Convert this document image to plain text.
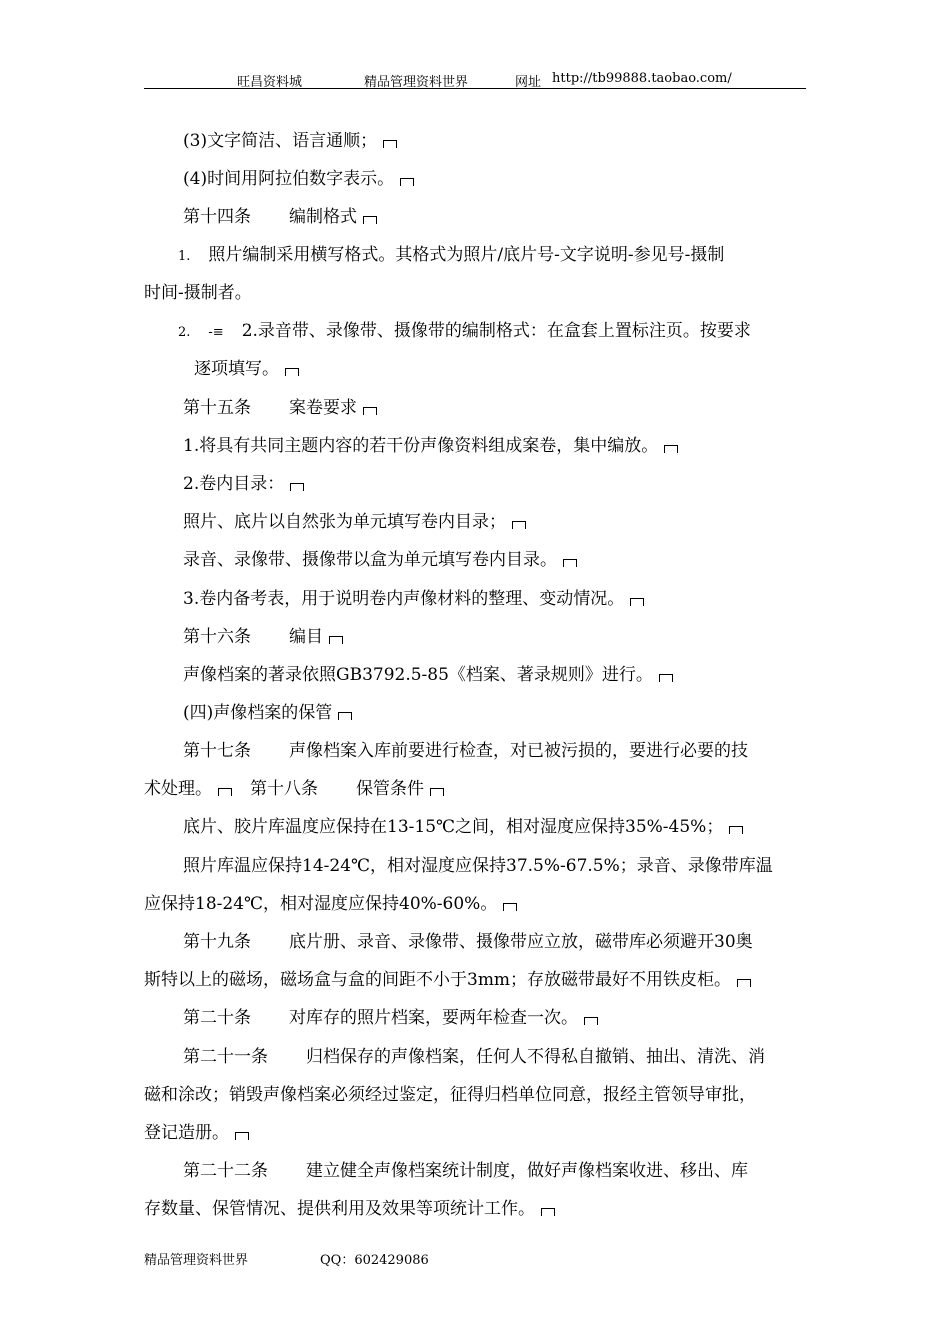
旺昌资料城	精品管理资料世界	网址 http://tb99888.taobao.com/
(3)文字简洁、语言通顺；
(4)时间用阿拉伯数字表示。
第十四条 编制格式
1. 照片编制采用横写格式。其格式为照片/底片号-文字说明-参见号-摄制
时间-摄制者。
2. -≡ 2.录音带、录像带、摄像带的编制格式：在盒套上置标注页。按要求
逐项填写。
第十五条 案卷要求
1.将具有共同主题内容的若干份声像资料组成案卷，集中编放。
2.卷内目录：
照片、底片以自然张为单元填写卷内目录；
录音、录像带、摄像带以盒为单元填写卷内目录。
3.卷内备考表，用于说明卷内声像材料的整理、变动情况。
第十六条 编目
声像档案的著录依照GB3792.5-85《档案、著录规则》进行。
(四)声像档案的保管
第十七条 声像档案入库前要进行检查，对已被污损的，要进行必要的技
术处理。 第十八条 保管条件
底片、胶片库温度应保持在13-15℃之间，相对湿度应保持35%-45%；
照片库温应保持14-24℃，相对湿度应保持37.5%-67.5%；录音、录像带库温
应保持18-24℃，相对湿度应保持40%-60%。
第十九条 底片册、录音、录像带、摄像带应立放，磁带库必须避开30奥
斯特以上的磁场，磁场盒与盒的间距不小于3mm；存放磁带最好不用铁皮柜。
第二十条 对库存的照片档案，要两年检查一次。
第二十一条 归档保存的声像档案，任何人不得私自撤销、抽出、清洗、消
磁和涂改；销毁声像档案必须经过鉴定，征得归档单位同意，报经主管领导审批，
登记造册。
第二十二条 建立健全声像档案统计制度，做好声像档案收进、移出、库
存数量、保管情况、提供利用及效果等项统计工作。
精品管理资料世界	QQ：602429086
